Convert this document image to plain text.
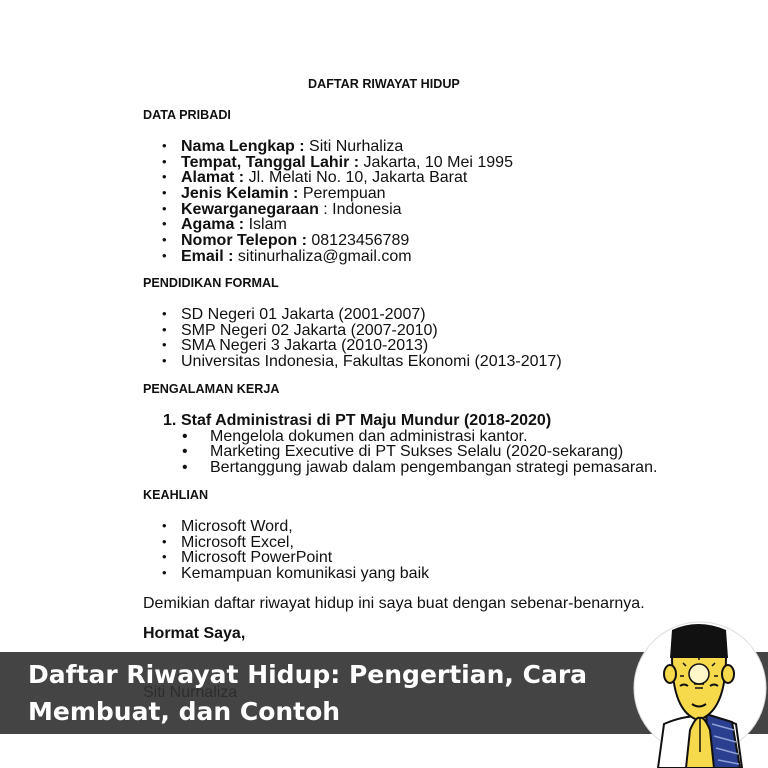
DAFTAR RIWAYAT HIDUP
DATA PRIBADI
• Nama Lengkap : Siti Nurhaliza
• Tempat, Tanggal Lahir : Jakarta, 10 Mei 1995
• Alamat : Jl. Melati No. 10, Jakarta Barat
• Jenis Kelamin : Perempuan
• Kewarganegaraan : Indonesia
• Agama : Islam
• Nomor Telepon : 08123456789
• Email : sitinurhaliza@gmail.com
PENDIDIKAN FORMAL
• SD Negeri 01 Jakarta (2001-2007)
• SMP Negeri 02 Jakarta (2007-2010)
• SMA Negeri 3 Jakarta (2010-2013)
• Universitas Indonesia, Fakultas Ekonomi (2013-2017)
PENGALAMAN KERJA
1. Staf Administrasi di PT Maju Mundur (2018-2020)
• Mengelola dokumen dan administrasi kantor.
• Marketing Executive di PT Sukses Selalu (2020-sekarang)
• Bertanggung jawab dalam pengembangan strategi pemasaran.
KEAHLIAN
• Microsoft Word,
• Microsoft Excel,
• Microsoft PowerPoint
• Kemampuan komunikasi yang baik
Demikian daftar riwayat hidup ini saya buat dengan sebenar-benarnya.
Hormat Saya,
Daftar Riwayat Hidup: Pengertian, Cara
Membuat, dan Contoh
